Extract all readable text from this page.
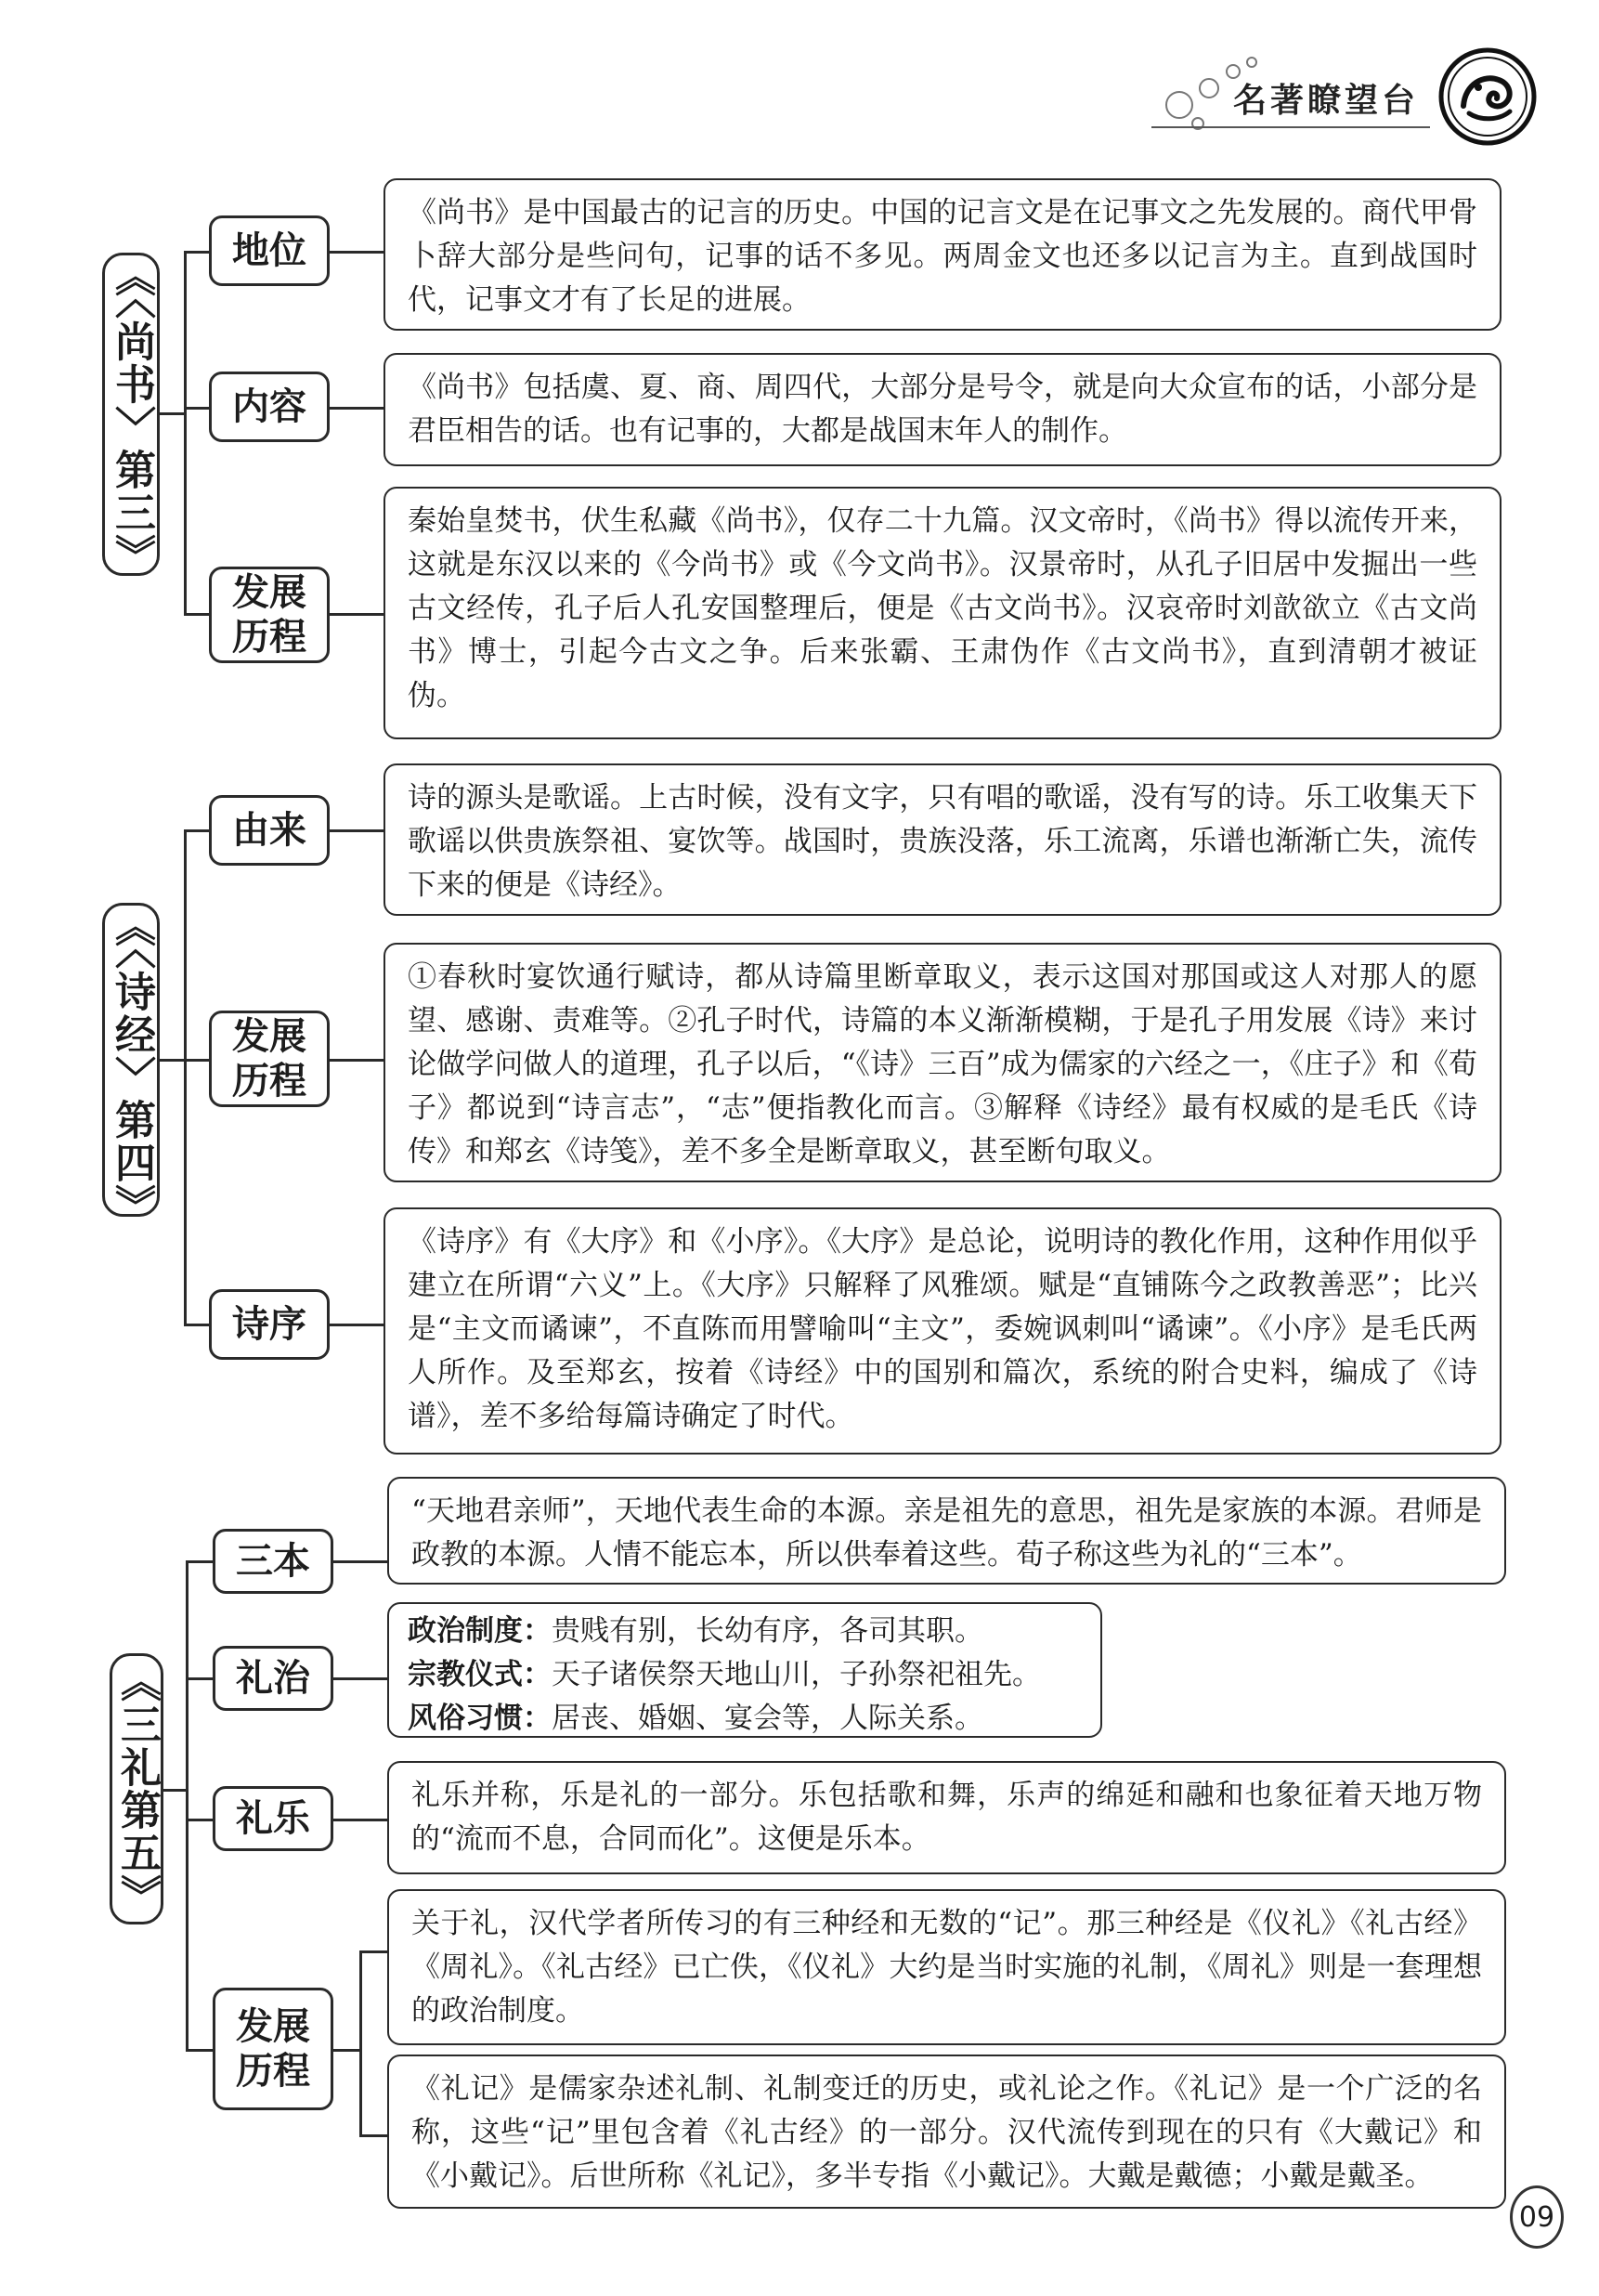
名著瞭望台
《〈尚书〉第三》
地位

《尚书》是中国最古的记言的历史。中国的记言文是在记事文之先发展的。商代甲骨卜辞大部分是些问句，记事的话不多见。两周金文也还多以记言为主。直到战国时代，记事文才有了长足的进展。

内容	《尚书》包括虞、夏、商、周四代，大部分是号令，就是向大众宣布的话，小部分是君臣相告的话。也有记事的，大都是战国末年人的制作。

发展历程

秦始皇焚书，伏生私藏《尚书》，仅存二十九篇。汉文帝时，《尚书》得以流传开来，这就是东汉以来的《今尚书》或《今文尚书》。汉景帝时，从孔子旧居中发掘出一些古文经传，孔子后人孔安国整理后，便是《古文尚书》。汉哀帝时刘歆欲立《古文尚书》博士，引起今古文之争。后来张霸、王肃伪作《古文尚书》，直到清朝才被证伪。

《〈诗经〉第四》
由来

诗的源头是歌谣。上古时候，没有文字，只有唱的歌谣，没有写的诗。乐工收集天下歌谣以供贵族祭祖、宴饮等。战国时，贵族没落，乐工流离，乐谱也渐渐亡失，流传下来的便是《诗经》。

发展历程

①春秋时宴饮通行赋诗，都从诗篇里断章取义，表示这国对那国或这人对那人的愿望、感谢、责难等。②孔子时代，诗篇的本义渐渐模糊，于是孔子用发展《诗》来讨论做学问做人的道理，孔子以后，“《诗》三百”成为儒家的六经之一，《庄子》和《荀子》都说到“诗言志”，“志”便指教化而言。③解释《诗经》最有权威的是毛氏《诗传》和郑玄《诗笺》，差不多全是断章取义，甚至断句取义。

诗序

《诗序》有《大序》和《小序》。《大序》是总论，说明诗的教化作用，这种作用似乎建立在所谓“六义”上。《大序》只解释了风雅颂。赋是“直铺陈今之政教善恶”；比兴是“主文而谲谏”，不直陈而用譬喻叫“主文”，委婉讽刺叫“谲谏”。《小序》是毛氏两人所作。及至郑玄，按着《诗经》中的国别和篇次，系统的附合史料，编成了《诗谱》，差不多给每篇诗确定了时代。

《三礼第五》
三本

“天地君亲师”，天地代表生命的本源。亲是祖先的意思，祖先是家族的本源。君师是政教的本源。人情不能忘本，所以供奉着这些。荀子称这些为礼的“三本”。

礼治

政治制度：贵贱有别，长幼有序，各司其职。

宗教仪式：天子诸侯祭天地山川，子孙祭祀祖先。

风俗习惯：居丧、婚姻、宴会等，人际关系。

礼乐

礼乐并称，乐是礼的一部分。乐包括歌和舞，乐声的绵延和融和也象征着天地万物的“流而不息，合同而化”。这便是乐本。

发展历程

关于礼，汉代学者所传习的有三种经和无数的“记”。那三种经是《仪礼》《礼古经》《周礼》。《礼古经》已亡佚，《仪礼》大约是当时实施的礼制，《周礼》则是一套理想的政治制度。

《礼记》是儒家杂述礼制、礼制变迁的历史，或礼论之作。《礼记》是一个广泛的名称，这些“记”里包含着《礼古经》的一部分。汉代流传到现在的只有《大戴记》和《小戴记》。后世所称《礼记》，多半专指《小戴记》。大戴是戴德；小戴是戴圣。

09
